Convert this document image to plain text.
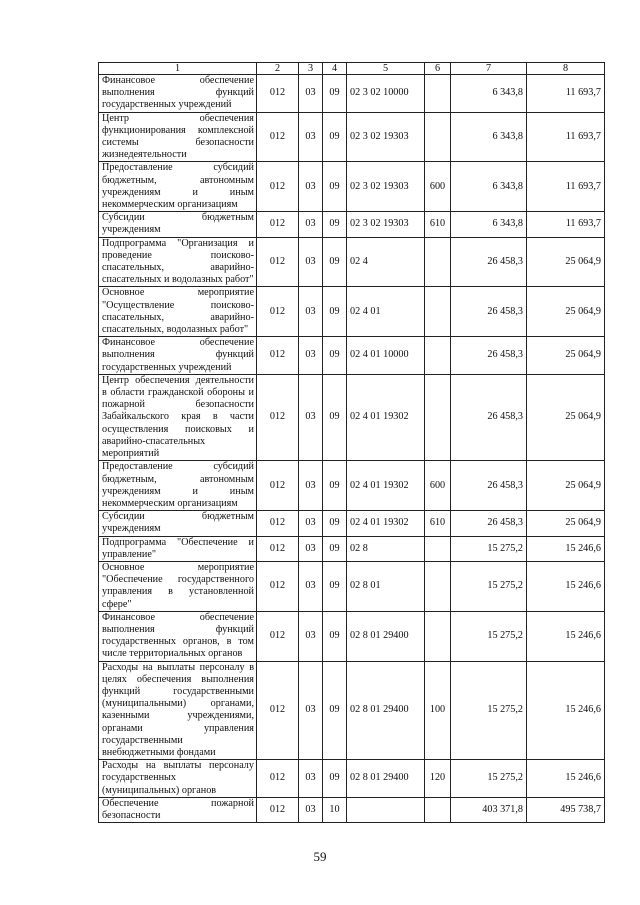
1	2	3	4	5	6	7	8
Финансовое обеспечение выполнения функций государственных учреждений	012	03	09	02 3 02 10000		6 343,8	11 693,7
Центр обеспечения функционирования комплексной системы безопасности жизнедеятельности	012	03	09	02 3 02 19303		6 343,8	11 693,7
Предоставление субсидий бюджетным, автономным учреждениям и иным некоммерческим организациям	012	03	09	02 3 02 19303	600	6 343,8	11 693,7
Субсидии бюджетным учреждениям	012	03	09	02 3 02 19303	610	6 343,8	11 693,7
Подпрограмма "Организация и проведение поисково-спасательных, аварийно-спасательных и водолазных работ"	012	03	09	02 4		26 458,3	25 064,9
Основное мероприятие "Осуществление поисково-спасательных, аварийно-спасательных, водолазных работ"	012	03	09	02 4 01		26 458,3	25 064,9
Финансовое обеспечение выполнения функций государственных учреждений	012	03	09	02 4 01 10000		26 458,3	25 064,9
Центр обеспечения деятельности в области гражданской обороны и пожарной безопасности Забайкальского края в части осуществления поисковых и аварийно-спасательных мероприятий	012	03	09	02 4 01 19302		26 458,3	25 064,9
Предоставление субсидий бюджетным, автономным учреждениям и иным некоммерческим организациям	012	03	09	02 4 01 19302	600	26 458,3	25 064,9
Субсидии бюджетным учреждениям	012	03	09	02 4 01 19302	610	26 458,3	25 064,9
Подпрограмма "Обеспечение и управление"	012	03	09	02 8		15 275,2	15 246,6
Основное мероприятие "Обеспечение государственного управления в установленной сфере"	012	03	09	02 8 01		15 275,2	15 246,6
Финансовое обеспечение выполнения функций государственных органов, в том числе территориальных органов	012	03	09	02 8 01 29400		15 275,2	15 246,6
Расходы на выплаты персоналу в целях обеспечения выполнения функций государственными (муниципальными) органами, казенными учреждениями, органами управления государственными внебюджетными фондами	012	03	09	02 8 01 29400	100	15 275,2	15 246,6
Расходы на выплаты персоналу государственных (муниципальных) органов	012	03	09	02 8 01 29400	120	15 275,2	15 246,6
Обеспечение пожарной безопасности	012	03	10			403 371,8	495 738,7
59
